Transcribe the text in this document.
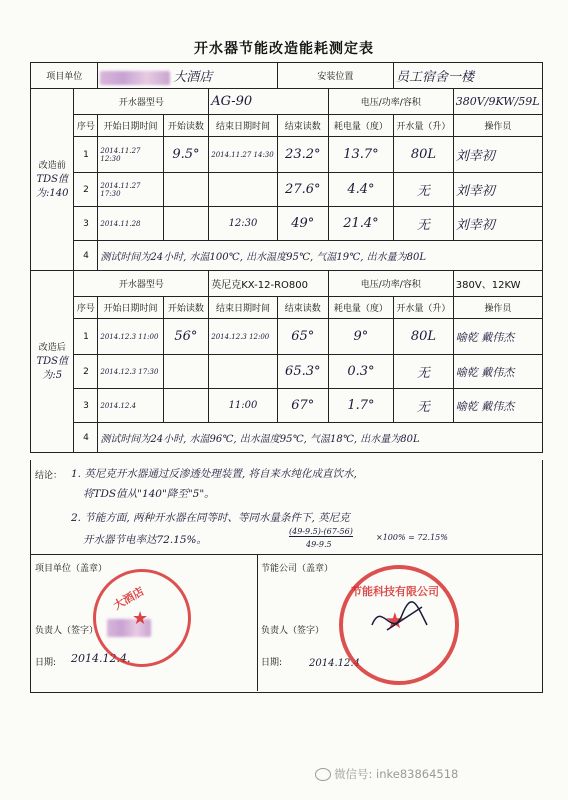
开水器节能改造能耗测定表
项目单位		大酒店			安装位置		员工宿舍一楼	

改造前
TDS值
为:140	开水器型号			AG-90		电压/功率/容积		380V/9KW/59L
	序号	开始日期时间	开始读数	结束日期时间	结束读数	耗电量（度）	开水量（升）	操作员
	1	2014.11.27 12:30	9.5°	2014.11.27 14:30	23.2°	13.7°	80L	刘幸初
	2	2014.11.27 17:30			27.6°	4.4°	无	刘幸初
	3	2014.11.28		12:30	49°	21.4°	无	刘幸初
	4	测试时间为24小时, 水温100℃, 出水温度95℃, 气温19℃, 出水量为80L						

改造后
TDS值
为:5	开水器型号			英尼克KX-12-RO800		电压/功率/容积		380V、12KW
	序号	开始日期时间	开始读数	结束日期时间	结束读数	耗电量（度）	开水量（升）	操作员
	1	2014.12.3 11:00	56°	2014.12.3 12:00	65°	9°	80L	喻乾 戴伟杰
	2	2014.12.3 17:30			65.3°	0.3°	无	喻乾 戴伟杰
	3	2014.12.4		11:00	67°	1.7°	无	喻乾 戴伟杰
	4	测试时间为24小时, 水温96℃, 出水温度95℃, 气温18℃, 出水量为80L						
结论： 1. 英尼克开水器通过反渗透处理装置, 将自来水纯化成直饮水,
将TDS值从"140"降至"5"。
2. 节能方面, 两种开水器在同等时、等同水量条件下, 英尼克
开水器节电率达72.15%。
(49-9.5)-(67-56)
49-9.5
×100% = 72.15%
项目单位（盖章）
负责人（签字）
日期: 2014.12.4.
大酒店
★
节能公司（盖章）
负责人（签字）
日期:	2014.12.4
节能科技有限公司
★
微信号: inke83864518
